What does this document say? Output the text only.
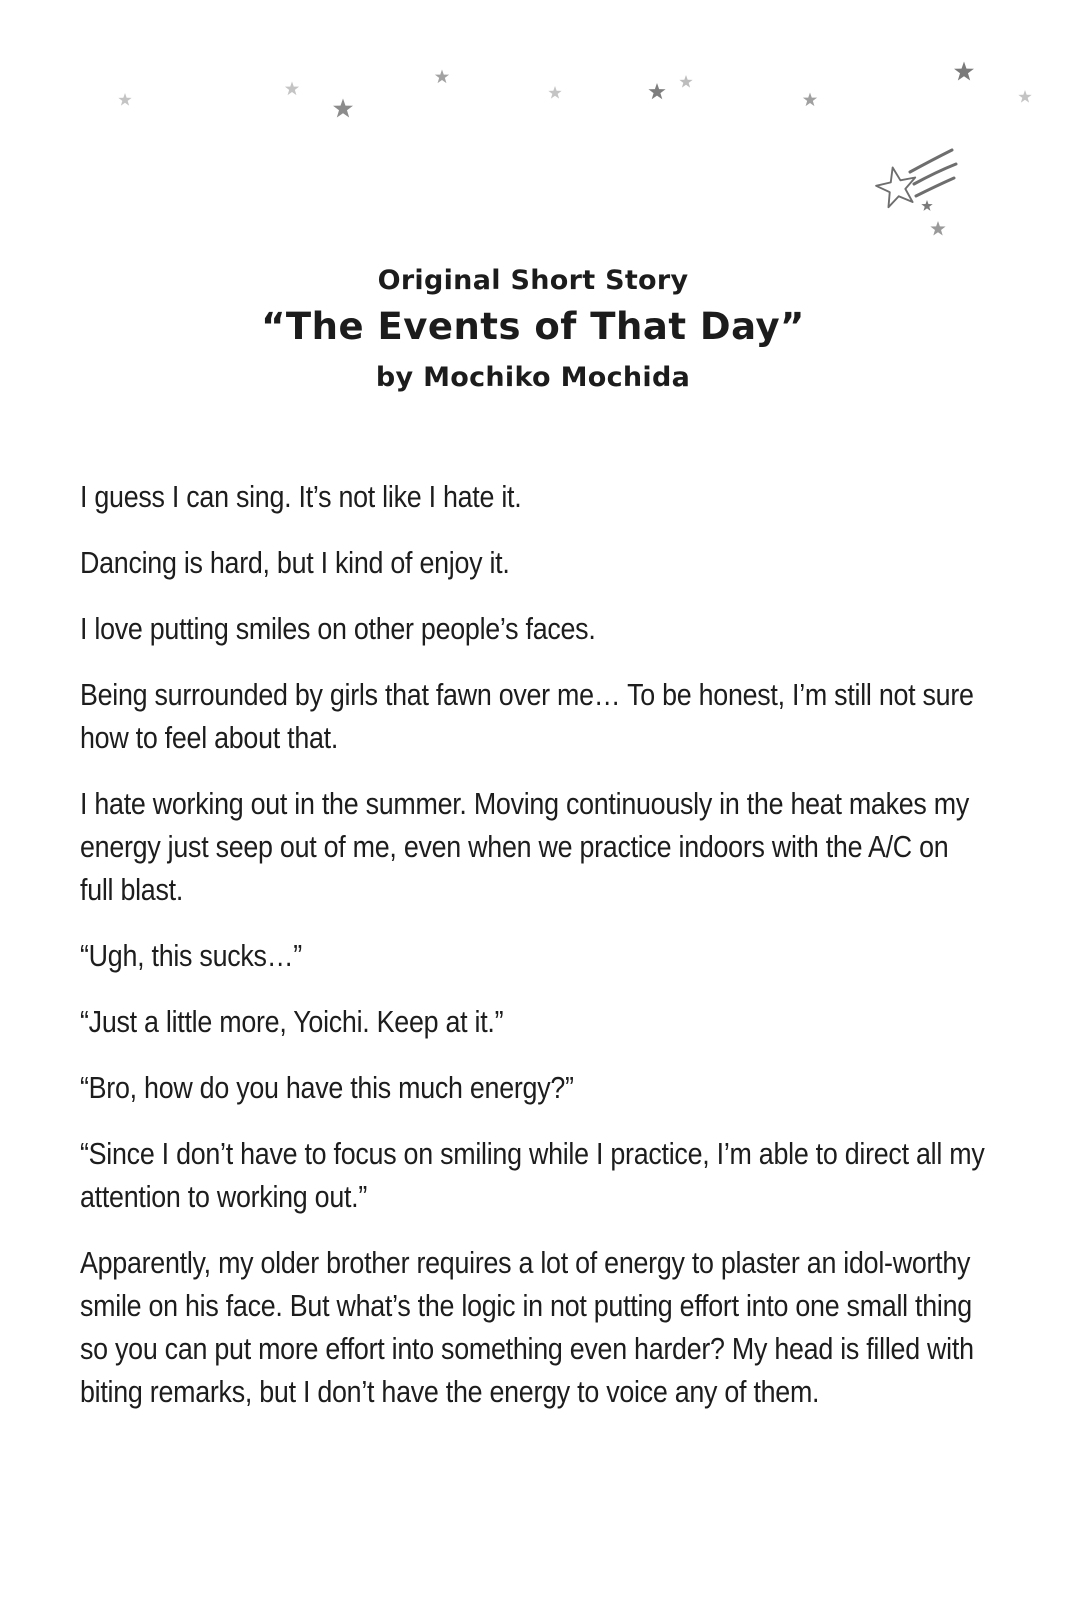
Original Short Story
“The Events of That Day”
by Mochiko Mochida

I guess I can sing. It’s not like I hate it.

Dancing is hard, but I kind of enjoy it.

I love putting smiles on other people’s faces.

Being surrounded by girls that fawn over me… To be honest, I’m still not sure how to feel about that.

I hate working out in the summer. Moving continuously in the heat makes my energy just seep out of me, even when we practice indoors with the A/C on full blast.

“Ugh, this sucks…”

“Just a little more, Yoichi. Keep at it.”

“Bro, how do you have this much energy?”

“Since I don’t have to focus on smiling while I practice, I’m able to direct all my attention to working out.”

Apparently, my older brother requires a lot of energy to plaster an idol-worthy smile on his face. But what’s the logic in not putting effort into one small thing so you can put more effort into something even harder? My head is filled with biting remarks, but I don’t have the energy to voice any of them.
